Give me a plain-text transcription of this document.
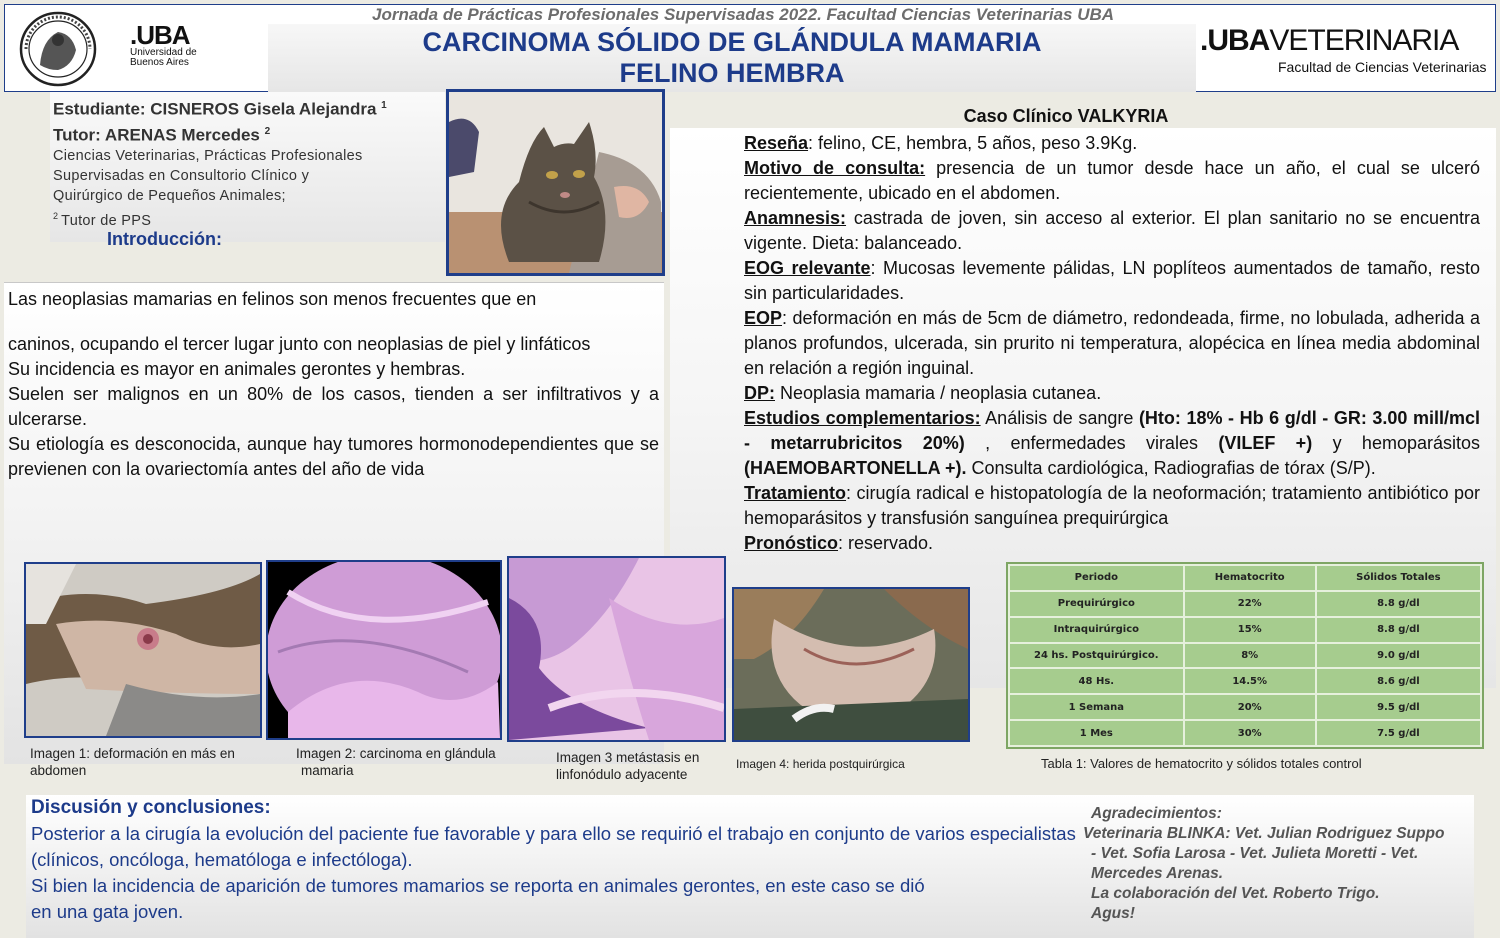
Jornada de Prácticas Profesionales Supervisadas 2022. Facultad Ciencias Veterinarias UBA
CARCINOMA SÓLIDO DE GLÁNDULA MAMARIA
FELINO HEMBRA
.UBA
Universidad de
Buenos Aires
.UBAVETERINARIA
Facultad de Ciencias Veterinarias
Estudiante: CISNEROS Gisela Alejandra $^1$
Tutor: ARENAS Mercedes $^2$
Ciencias Veterinarias, Prácticas Profesionales
Supervisadas en Consultorio Clínico y
Quirúrgico de Pequeños Animales;
$^2$ Tutor de PPS
Introducción:

Las neoplasias mamarias en felinos son menos frecuentes que en

caninos, ocupando el tercer lugar junto con neoplasias de piel y linfáticos

Su incidencia es mayor en animales gerontes y hembras.

Suelen ser malignos en un 80% de los casos, tienden a ser infiltrativos y a ulcerarse.

Su etiología es desconocida, aunque hay tumores hormonodependientes que se previenen con la ovariectomía antes del año de vida

Caso Clínico VALKYRIA

Reseña: felino, CE, hembra, 5 años, peso 3.9Kg.

Motivo de consulta: presencia de un tumor desde hace un año, el cual se ulceró recientemente, ubicado en el abdomen.

Anamnesis: castrada de joven, sin acceso al exterior. El plan sanitario no se encuentra vigente. Dieta: balanceado.

EOG relevante: Mucosas levemente pálidas, LN poplíteos aumentados de tamaño, resto sin particularidades.

EOP: deformación en más de 5cm de diámetro, redondeada, firme, no lobulada, adherida a planos profundos, ulcerada, sin prurito ni temperatura, alopécica en línea media abdominal en relación a región inguinal.

DP: Neoplasia mamaria / neoplasia cutanea.

Estudios complementarios: Análisis de sangre (Hto: 18% - Hb 6 g/dl - GR: 3.00 mill/mcl - metarrubricitos 20%) , enfermedades virales (VILEF +) y hemoparásitos (HAEMOBARTONELLA +). Consulta cardiológica, Radiografias de tórax (S/P).

Tratamiento: cirugía radical e histopatología de la neoformación; tratamiento antibiótico por hemoparásitos y transfusión sanguínea prequirúrgica

Pronóstico: reservado.

Imagen 1: deformación en más en abdomen
Imagen 2: carcinoma en glándula
mamaria
Imagen 3 metástasis en
linfonódulo adyacente
Imagen 4: herida postquirúrgica	Tabla 1: Valores de hematocrito y sólidos totales control
Periodo	Hematocrito	Sólidos Totales
Prequirúrgico	22%	8.8 g/dl
Intraquirúrgico	15%	8.8 g/dl
24 hs. Postquirúrgico.	8%	9.0 g/dl
48 Hs.	14.5%	8.6 g/dl
1 Semana	20%	9.5 g/dl
1 Mes	30%	7.5 g/dl
Discusión y conclusiones:

Posterior a la cirugía la evolución del paciente fue favorable y para ello se requirió el trabajo en conjunto de varios especialistas (clínicos, oncóloga, hematóloga e infectóloga).

Si bien la incidencia de aparición de tumores mamarios se reporta en animales gerontes, en este caso se dió

en una gata joven.

Agradecimientos:

Veterinaria BLINKA: Vet. Julian Rodriguez Suppo

- Vet. Sofia Larosa - Vet. Julieta Moretti - Vet.

Mercedes Arenas.

La colaboración del Vet. Roberto Trigo.

Agus!
